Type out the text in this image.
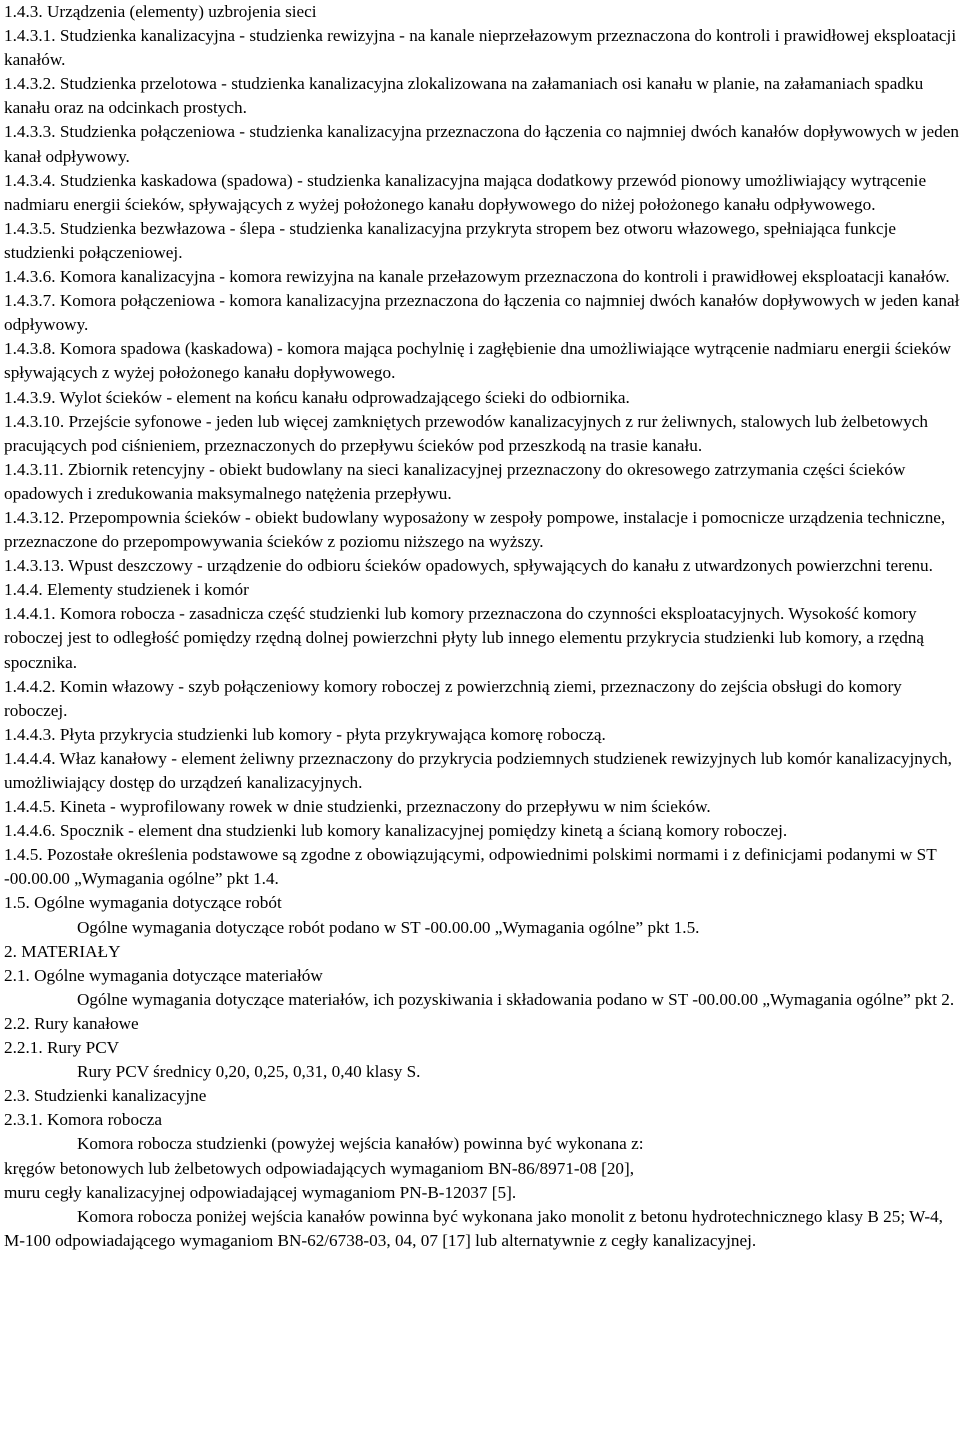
1.4.3. Urządzenia (elementy) uzbrojenia sieci

1.4.3.1. Studzienka kanalizacyjna - studzienka rewizyjna - na kanale nieprzełazowym przeznaczona do kontroli i prawidłowej eksploatacji kanałów.

1.4.3.2. Studzienka przelotowa - studzienka kanalizacyjna zlokalizowana na załamaniach osi kanału w planie, na załamaniach spadku kanału oraz na odcinkach prostych.

1.4.3.3. Studzienka połączeniowa - studzienka kanalizacyjna przeznaczona do łączenia co najmniej dwóch kanałów dopływowych w jeden kanał odpływowy.

1.4.3.4. Studzienka kaskadowa (spadowa) - studzienka kanalizacyjna mająca dodatkowy przewód pionowy umożliwiający wytrącenie nadmiaru energii ścieków, spływających z wyżej położonego kanału dopływowego do niżej położonego kanału odpływowego.

1.4.3.5. Studzienka bezwłazowa - ślepa - studzienka kanalizacyjna przykryta stropem bez otworu włazowego, spełniająca funkcje studzienki połączeniowej.

1.4.3.6. Komora kanalizacyjna - komora rewizyjna na kanale przełazowym przeznaczona do kontroli i prawidłowej eksploatacji kanałów.

1.4.3.7. Komora połączeniowa - komora kanalizacyjna przeznaczona do łączenia co najmniej dwóch kanałów dopływowych w jeden kanał odpływowy.

1.4.3.8. Komora spadowa (kaskadowa) - komora mająca pochylnię i zagłębienie dna umożliwiające wytrącenie nadmiaru energii ścieków spływających z wyżej położonego kanału dopływowego.

1.4.3.9. Wylot ścieków - element na końcu kanału odprowadzającego ścieki do odbiornika.

1.4.3.10. Przejście syfonowe - jeden lub więcej zamkniętych przewodów kanalizacyjnych z rur żeliwnych, stalowych lub żelbetowych pracujących pod ciśnieniem, przeznaczonych do przepływu ścieków pod przeszkodą na trasie kanału.

1.4.3.11. Zbiornik retencyjny - obiekt budowlany na sieci kanalizacyjnej przeznaczony do okresowego zatrzymania części ścieków opadowych i zredukowania maksymalnego natężenia przepływu.

1.4.3.12. Przepompownia ścieków - obiekt budowlany wyposażony w zespoły pompowe, instalacje i pomocnicze urządzenia techniczne, przeznaczone do przepompowywania ścieków z poziomu niższego na wyższy.

1.4.3.13. Wpust deszczowy - urządzenie do odbioru ścieków opadowych, spływających do kanału z utwardzonych powierzchni terenu.

1.4.4. Elementy studzienek i komór

1.4.4.1. Komora robocza - zasadnicza część studzienki lub komory przeznaczona do czynności eksploatacyjnych. Wysokość komory roboczej jest to odległość pomiędzy rzędną dolnej powierzchni płyty lub innego elementu przykrycia studzienki lub komory, a rzędną spocznika.

1.4.4.2. Komin włazowy - szyb połączeniowy komory roboczej z powierzchnią ziemi, przeznaczony do zejścia obsługi do komory roboczej.

1.4.4.3. Płyta przykrycia studzienki lub komory - płyta przykrywająca komorę roboczą.

1.4.4.4. Właz kanałowy - element żeliwny przeznaczony do przykrycia podziemnych studzienek rewizyjnych lub komór kanalizacyjnych, umożliwiający dostęp do urządzeń kanalizacyjnych.

1.4.4.5. Kineta - wyprofilowany rowek w dnie studzienki, przeznaczony do przepływu w nim ścieków.

1.4.4.6. Spocznik - element dna studzienki lub komory kanalizacyjnej pomiędzy kinetą a ścianą komory roboczej.

1.4.5. Pozostałe określenia podstawowe są zgodne z obowiązującymi, odpowiednimi polskimi normami i z definicjami podanymi w ST -00.00.00 „Wymagania ogólne” pkt 1.4.

1.5. Ogólne wymagania dotyczące robót

Ogólne wymagania dotyczące robót podano w ST -00.00.00 „Wymagania ogólne” pkt 1.5.

2. MATERIAŁY

2.1. Ogólne wymagania dotyczące materiałów

Ogólne wymagania dotyczące materiałów, ich pozyskiwania i składowania podano w ST -00.00.00 „Wymagania ogólne” pkt 2.

2.2. Rury kanałowe

2.2.1. Rury PCV

Rury PCV średnicy 0,20, 0,25, 0,31, 0,40 klasy S.

2.3. Studzienki kanalizacyjne

2.3.1. Komora robocza

Komora robocza studzienki (powyżej wejścia kanałów) powinna być wykonana z:

kręgów betonowych lub żelbetowych odpowiadających wymaganiom BN-86/8971-08 [20],

muru cegły kanalizacyjnej odpowiadającej wymaganiom PN-B-12037 [5].

Komora robocza poniżej wejścia kanałów powinna być wykonana jako monolit z betonu hydrotechnicznego klasy B 25; W-4, M-100 odpowiadającego wymaganiom BN-62/6738-03, 04, 07 [17] lub alternatywnie z cegły kanalizacyjnej.
